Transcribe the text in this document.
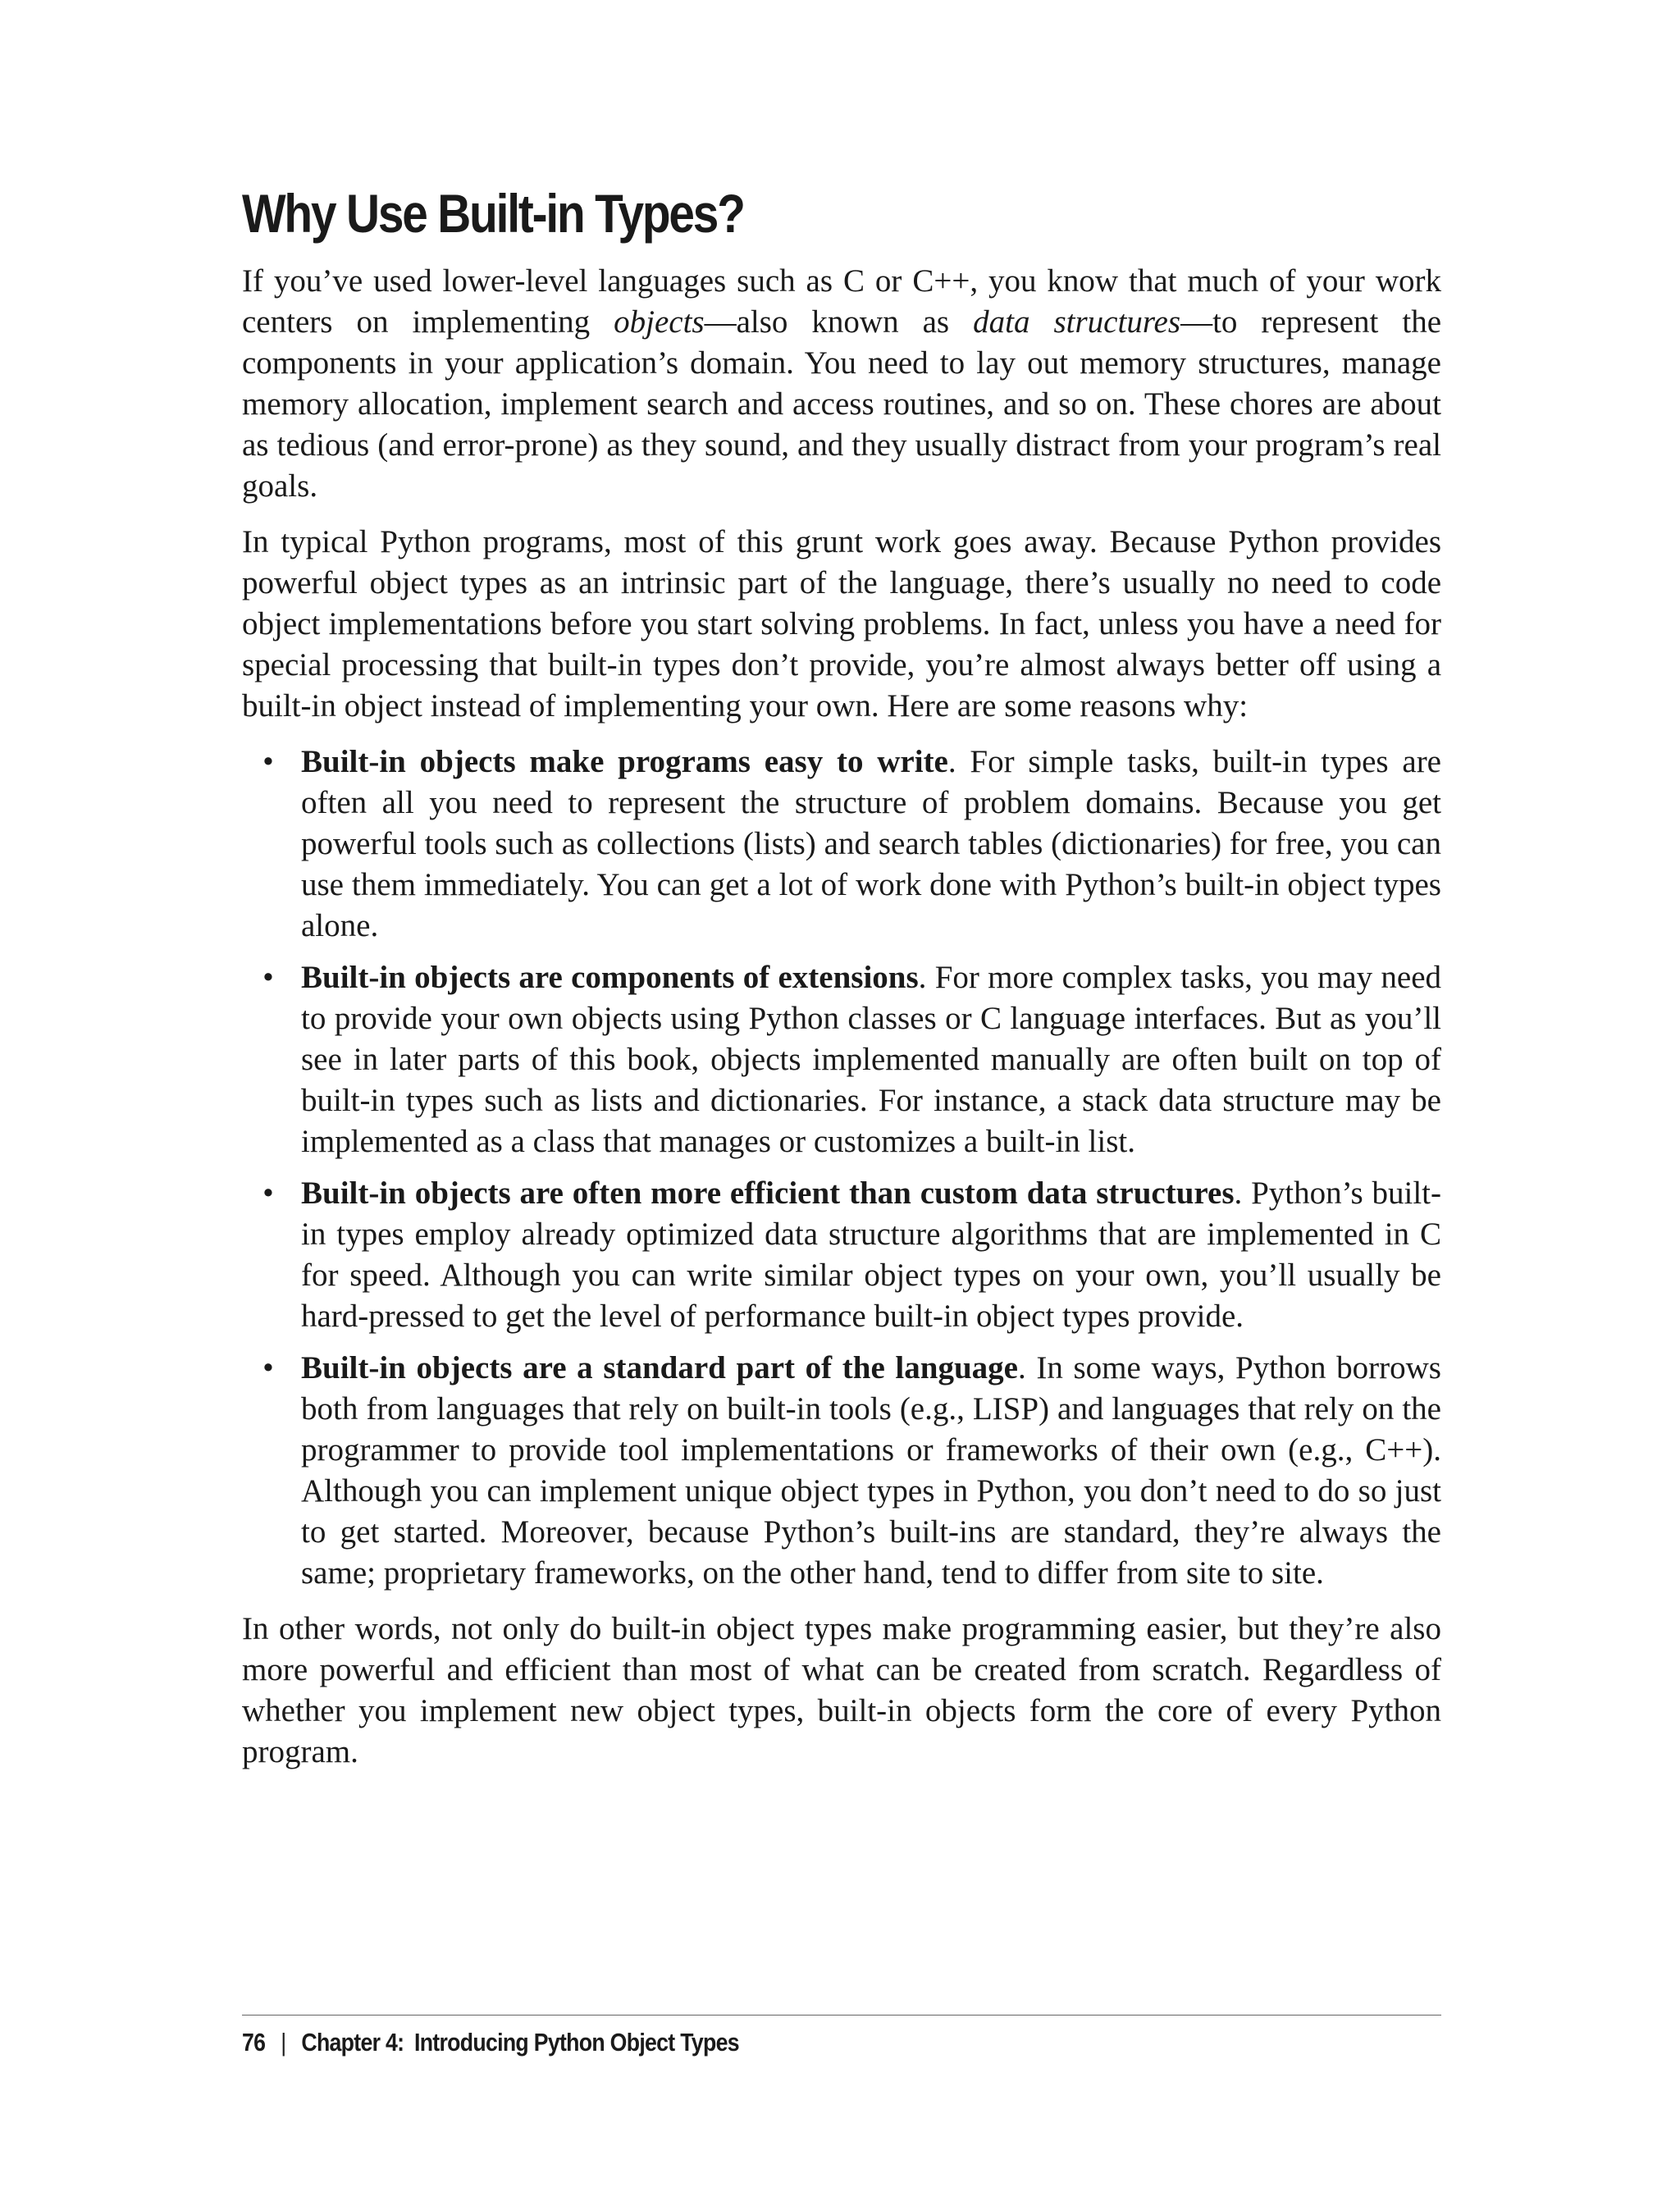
Why Use Built-in Types?

If you’ve used lower-level languages such as C or C++, you know that much of your work centers on implementing objects—also known as data structures—to represent the components in your application’s domain. You need to lay out memory structures, manage memory allocation, implement search and access routines, and so on. These chores are about as tedious (and error-prone) as they sound, and they usually distract from your program’s real goals.

In typical Python programs, most of this grunt work goes away. Because Python provides powerful object types as an intrinsic part of the language, there’s usually no need to code object implementations before you start solving problems. In fact, unless you have a need for special processing that built-in types don’t provide, you’re almost always better off using a built-in object instead of implementing your own. Here are some reasons why:

• Built-in objects make programs easy to write. For simple tasks, built-in types are often all you need to represent the structure of problem domains. Because you get powerful tools such as collections (lists) and search tables (dictionaries) for free, you can use them immediately. You can get a lot of work done with Python’s built-in object types alone.
• Built-in objects are components of extensions. For more complex tasks, you may need to provide your own objects using Python classes or C language interfaces. But as you’ll see in later parts of this book, objects implemented manually are often built on top of built-in types such as lists and dictionaries. For instance, a stack data structure may be implemented as a class that manages or customizes a built-in list.
• Built-in objects are often more efficient than custom data structures. Python’s built-in types employ already optimized data structure algorithms that are implemented in C for speed. Although you can write similar object types on your own, you’ll usually be hard-pressed to get the level of performance built-in object types provide.
• Built-in objects are a standard part of the language. In some ways, Python borrows both from languages that rely on built-in tools (e.g., LISP) and languages that rely on the programmer to provide tool implementations or frameworks of their own (e.g., C++). Although you can implement unique object types in Python, you don’t need to do so just to get started. Moreover, because Python’s built-ins are standard, they’re always the same; proprietary frameworks, on the other hand, tend to differ from site to site.

In other words, not only do built-in object types make programming easier, but they’re also more powerful and efficient than most of what can be created from scratch. Regardless of whether you implement new object types, built-in objects form the core of every Python program.

76 | Chapter 4: Introducing Python Object Types
